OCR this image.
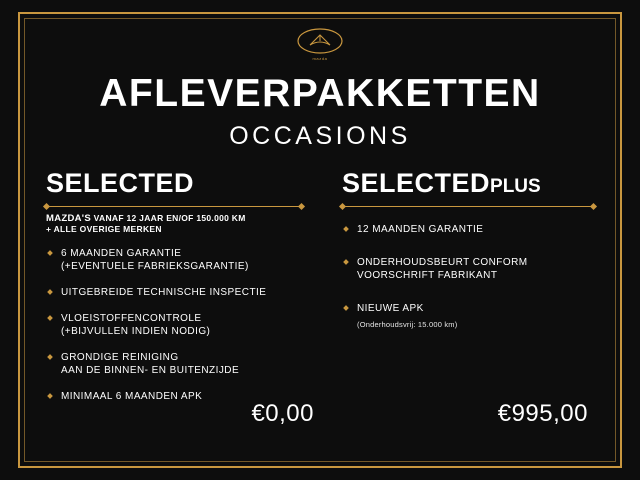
mazda
AFLEVERPAKKETTEN
OCCASIONS
SELECTED
MAZDA'S VANAF 12 JAAR EN/OF 150.000 KM
+ ALLE OVERIGE MERKEN
6 MAANDEN GARANTIE
(+EVENTUELE FABRIEKSGARANTIE)
UITGEBREIDE TECHNISCHE INSPECTIE
VLOEISTOFFENCONTROLE
(+BIJVULLEN INDIEN NODIG)
GRONDIGE REINIGING
AAN DE BINNEN- EN BUITENZIJDE
MINIMAAL 6 MAANDEN APK
€0,00
SELECTEDPLUS
12 MAANDEN GARANTIE
ONDERHOUDSBEURT CONFORM
VOORSCHRIFT FABRIKANT
NIEUWE APK
(Onderhoudsvrij: 15.000 km)
€995,00
